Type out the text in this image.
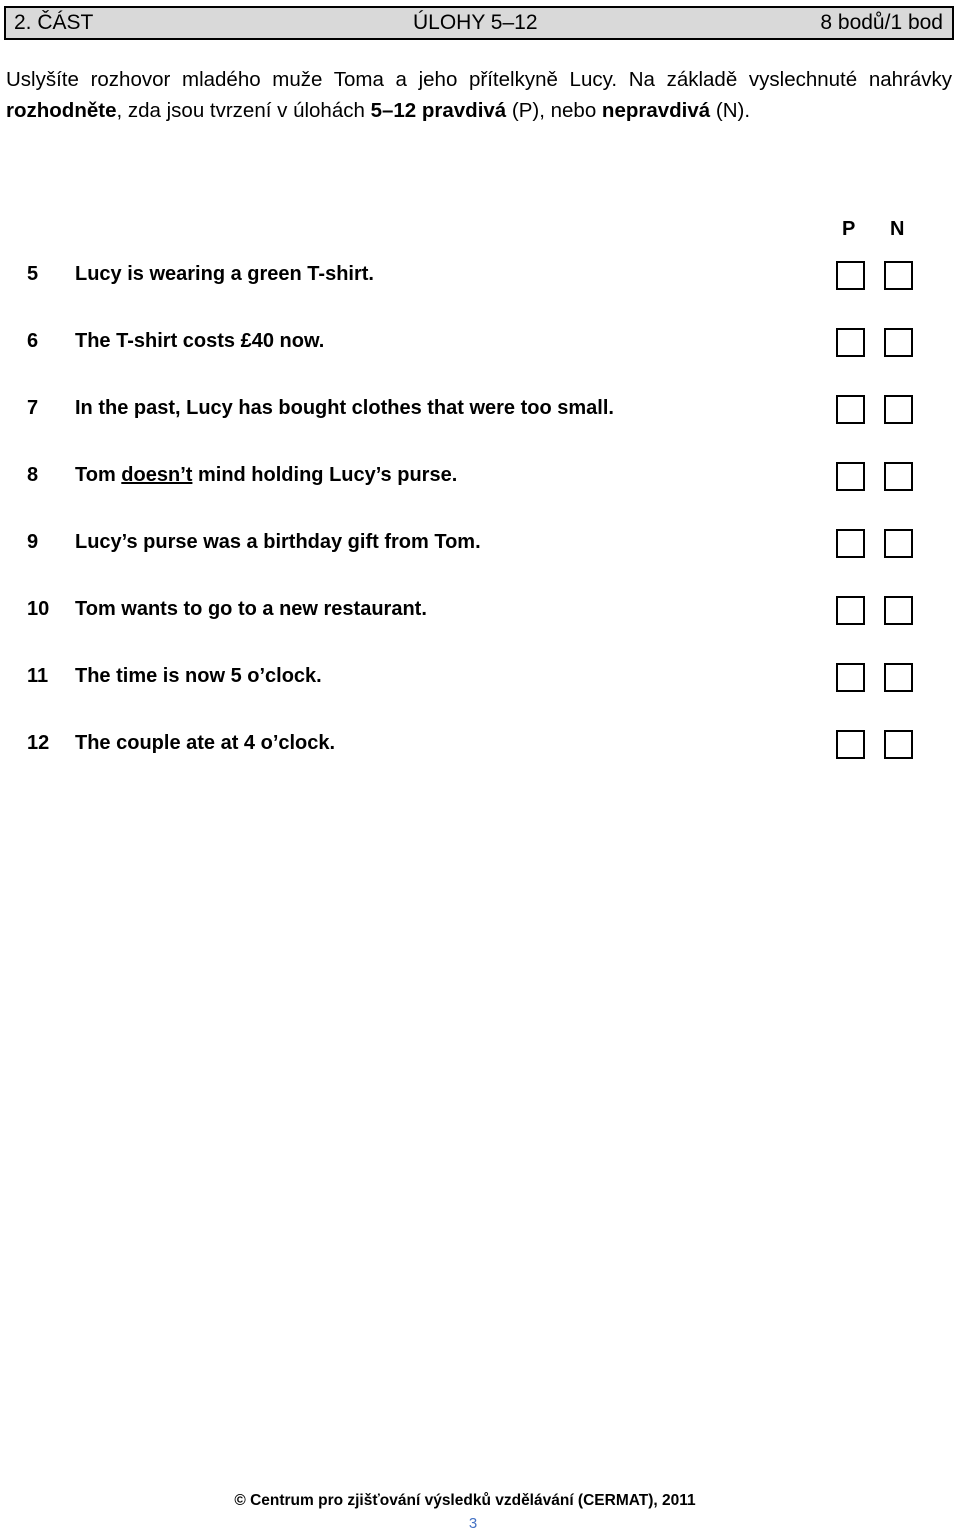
2. ČÁST	ÚLOHY 5–12	8 bodů/1 bod
Uslyšíte rozhovor mladého muže Toma a jeho přítelkyně Lucy. Na základě vyslechnuté nahrávky rozhodněte, zda jsou tvrzení v úlohách 5–12 pravdivá (P), nebo nepravdivá (N).
P N
5 Lucy is wearing a green T-shirt.
6 The T-shirt costs £40 now.
7 In the past, Lucy has bought clothes that were too small.
8 Tom doesn’t mind holding Lucy’s purse.
9 Lucy’s purse was a birthday gift from Tom.
10 Tom wants to go to a new restaurant.
11 The time is now 5 o’clock.
12 The couple ate at 4 o’clock.
© Centrum pro zjišťování výsledků vzdělávání (CERMAT), 2011
3
